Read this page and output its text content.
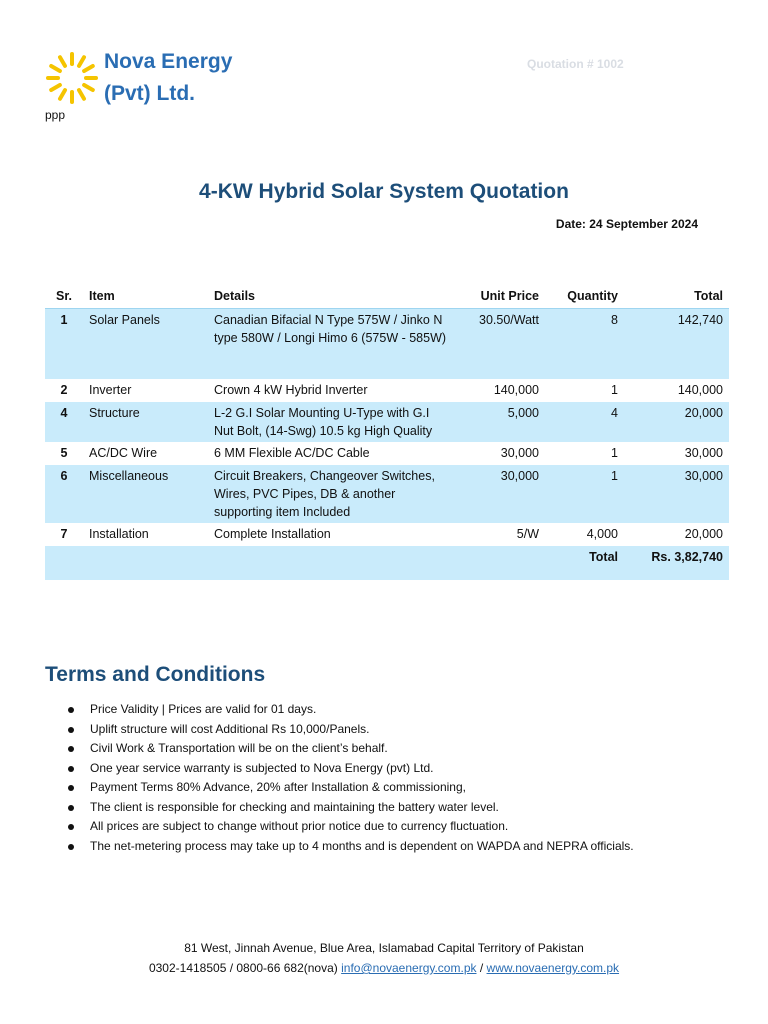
Nova Energy
(Pvt) Ltd.
ppp
Quotation # 1002
4-KW Hybrid Solar System Quotation
Date: 24 September 2024
Sr.	Item	Details	Unit Price	Quantity	Total
1	Solar Panels	Canadian Bifacial N Type 575W / Jinko N type 580W / Longi Himo 6 (575W - 585W)	30.50/Watt	8	142,740
2	Inverter	Crown 4 kW Hybrid Inverter	140,000	1	140,000
4	Structure	L-2 G.I Solar Mounting U-Type with G.I Nut Bolt, (14-Swg) 10.5 kg High Quality	5,000	4	20,000
5	AC/DC Wire	6 MM Flexible AC/DC Cable	30,000	1	30,000
6	Miscellaneous	Circuit Breakers, Changeover Switches, Wires, PVC Pipes, DB & another supporting item Included	30,000	1	30,000
7	Installation	Complete Installation	5/W	4,000	20,000
				Total	Rs. 3,82,740
Terms and Conditions
Price Validity | Prices are valid for 01 days.
Uplift structure will cost Additional Rs 10,000/Panels.
Civil Work & Transportation will be on the client’s behalf.
One year service warranty is subjected to Nova Energy (pvt) Ltd.
Payment Terms 80% Advance, 20% after Installation & commissioning,
The client is responsible for checking and maintaining the battery water level.
All prices are subject to change without prior notice due to currency fluctuation.
The net-metering process may take up to 4 months and is dependent on WAPDA and NEPRA officials.
81 West, Jinnah Avenue, Blue Area, Islamabad Capital Territory of Pakistan
0302-1418505 / 0800-66 682(nova) info@novaenergy.com.pk / www.novaenergy.com.pk
